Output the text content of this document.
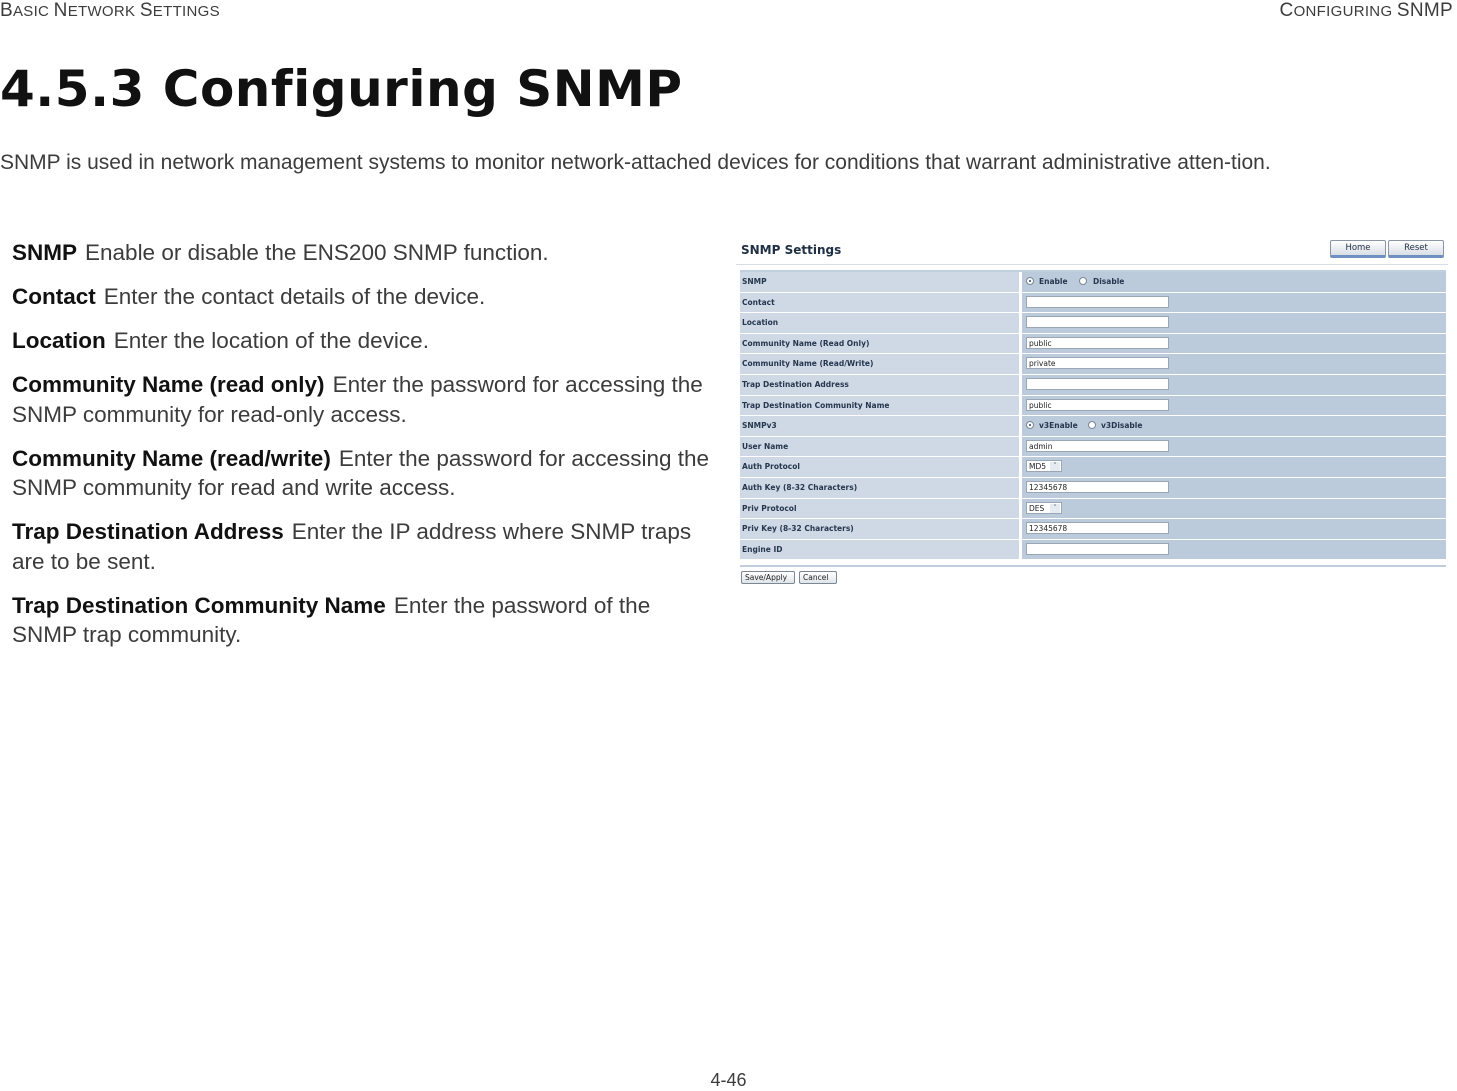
BASIC NETWORK SETTINGS	CONFIGURING SNMP
4.5.3 Configuring SNMP
SNMP is used in network management systems to monitor network-attached devices for conditions that warrant administrative atten-tion.
SNMP Enable or disable the ENS200 SNMP function.
Contact Enter the contact details of the device.
Location Enter the location of the device.
Community Name (read only) Enter the password for accessing the SNMP community for read-only access.
Community Name (read/write) Enter the password for accessing the SNMP community for read and write access.
Trap Destination Address Enter the IP address where SNMP traps are to be sent.
Trap Destination Community Name Enter the password of the SNMP trap community.
SNMP Settings	Home	Reset
SNMP	Enable	Disable
Contact
Location
Community Name (Read Only)	public
Community Name (Read/Write)	private
Trap Destination Address
Trap Destination Community Name	public
SNMPv3	v3Enable	v3Disable
User Name	admin
Auth Protocol	MD5	˅
Auth Key (8-32 Characters)	12345678
Priv Protocol	DES	˅
Priv Key (8-32 Characters)	12345678
Engine ID
Save/Apply	Cancel
4-46
